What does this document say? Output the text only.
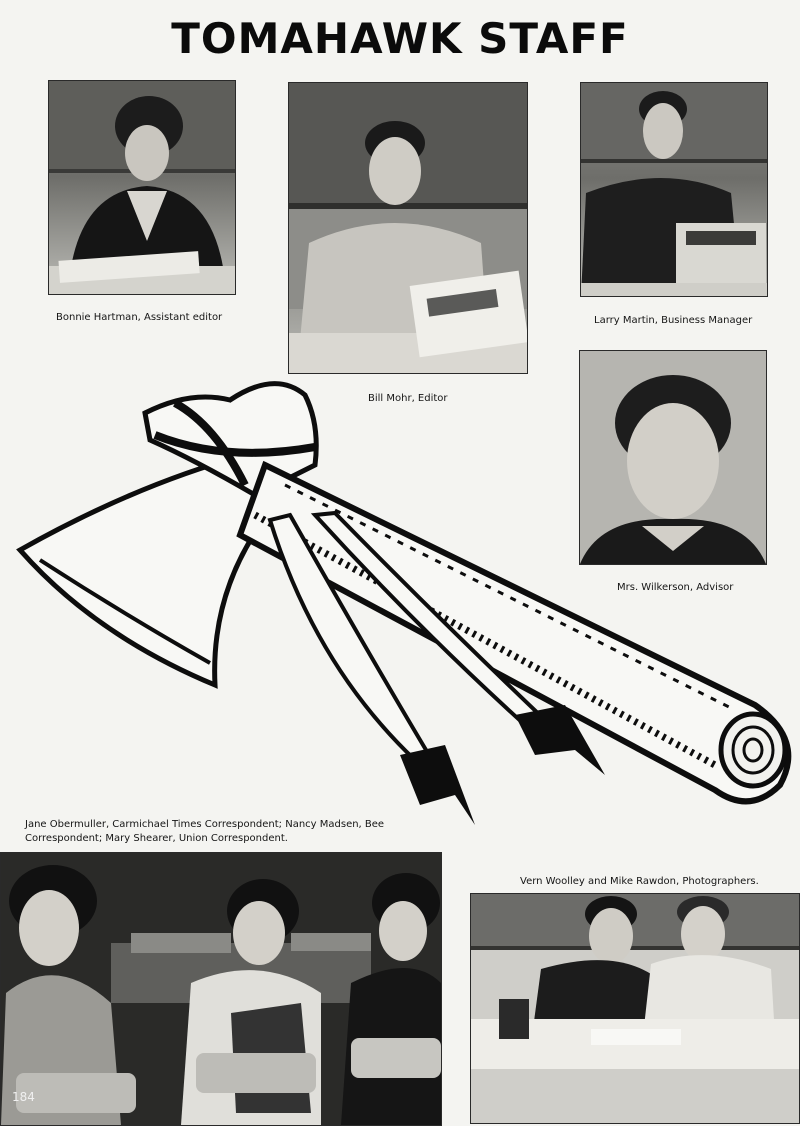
TOMAHAWK STAFF
Bonnie Hartman, Assistant editor
Bill Mohr, Editor
Larry Martin, Business Manager
Mrs. Wilkerson, Advisor
Jane Obermuller, Carmichael Times Correspondent; Nancy Madsen, Bee Correspondent; Mary Shearer, Union Correspondent.
184
Vern Woolley and Mike Rawdon, Photographers.
